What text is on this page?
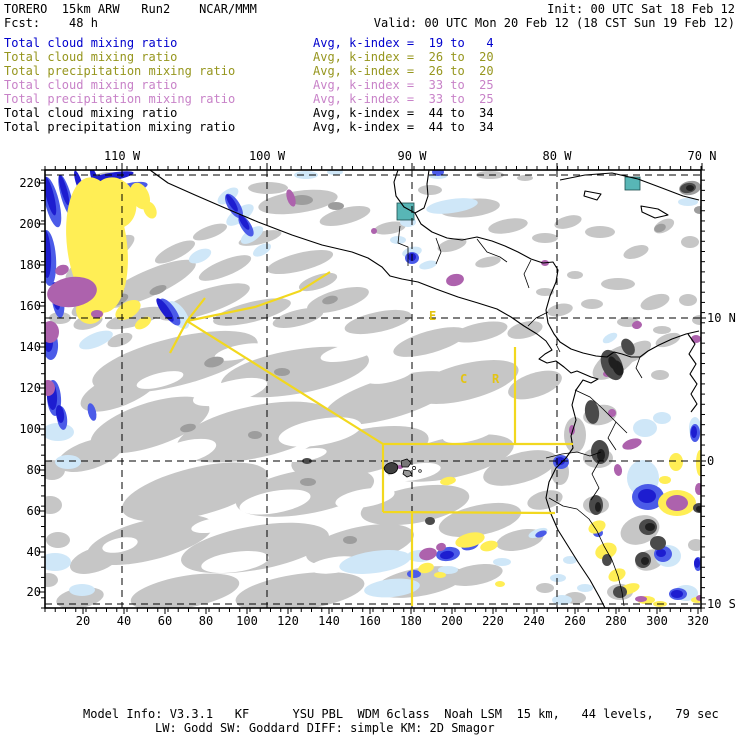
TORERO  15km ARW   Run2    NCAR/MMM	Init: 00 UTC Sat 18 Feb 12
Fcst:    48 h	Valid: 00 UTC Mon 20 Feb 12 (18 CST Sun 19 Feb 12)
Total cloud mixing ratio	Avg, k-index =  19 to   4
Total cloud mixing ratio	Avg, k-index =  26 to  20
Total precipitation mixing ratio	Avg, k-index =  26 to  20
Total cloud mixing ratio	Avg, k-index =  33 to  25
Total precipitation mixing ratio	Avg, k-index =  33 to  25
Total cloud mixing ratio	Avg, k-index =  44 to  34
Total precipitation mixing ratio	Avg, k-index =  44 to  34
110 W	100 W	90 W	80 W	70 N
20 40 60 80 100 120 140 160 180 200 220 240 260 280 300 320
220
200
180
160
140
120
100
80
60
40
20
10 N
0
10 S
E
C R
Model Info: V3.3.1   KF      YSU PBL  WDM 6class  Noah LSM  15 km,   44 levels,   79 sec
LW: Godd SW: Goddard DIFF: simple KM: 2D Smagor
